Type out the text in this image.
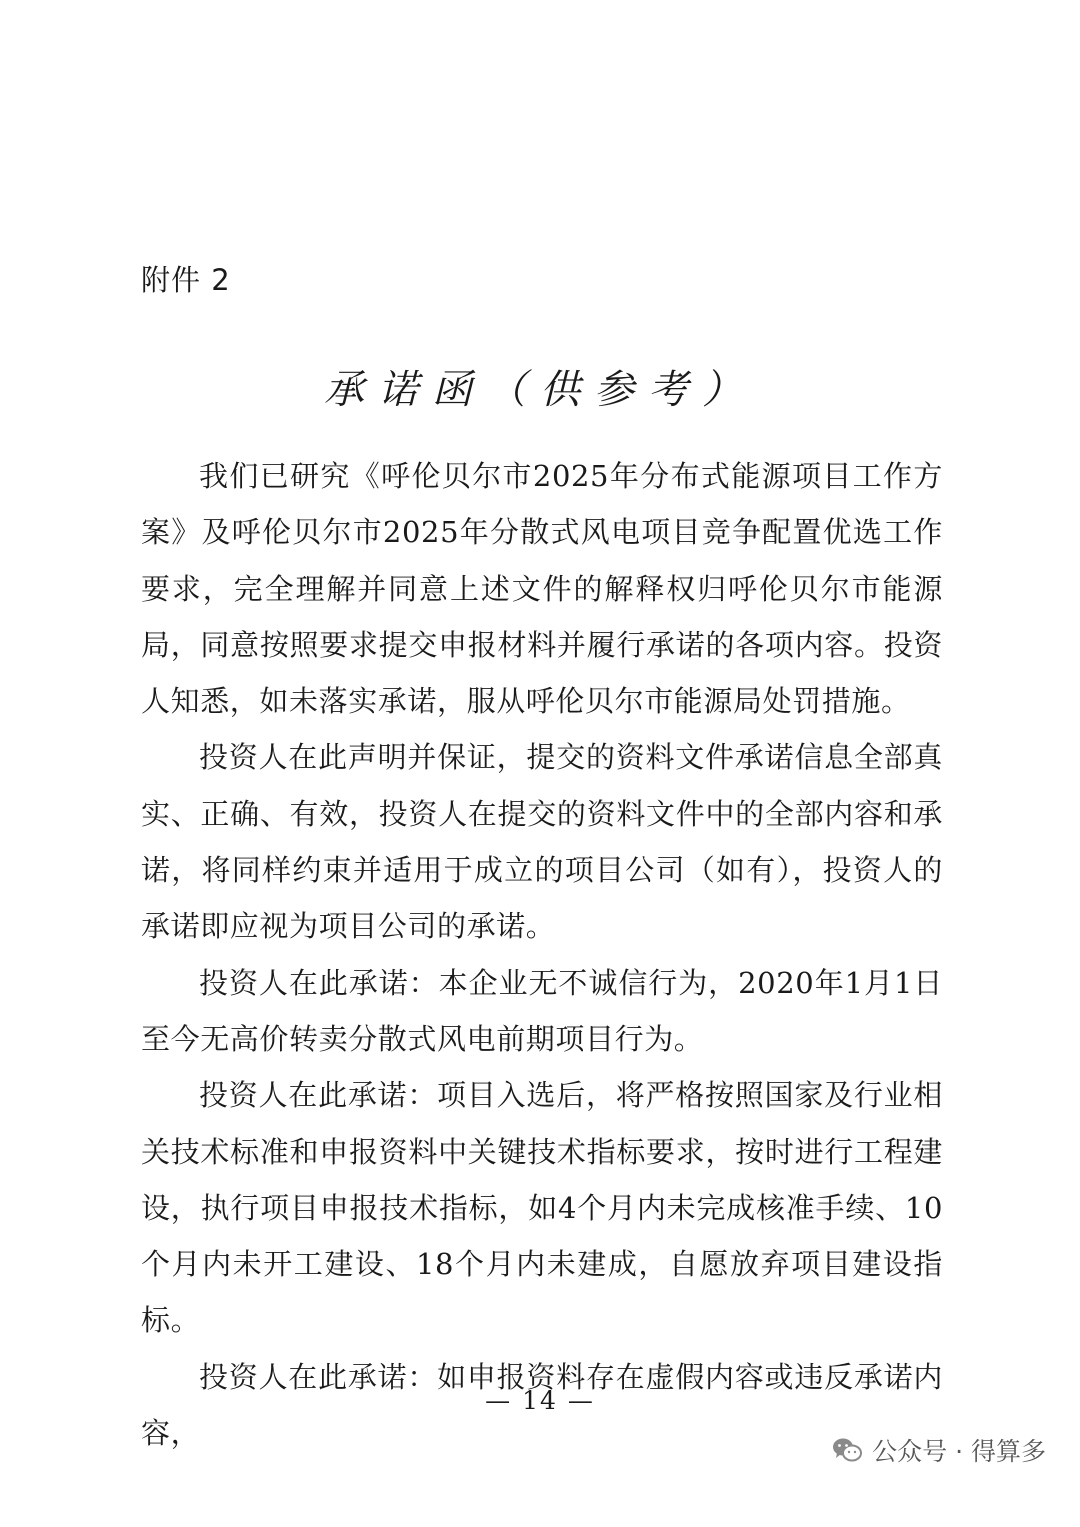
附件 2
承诺函（供参考）

我们已研究《呼伦贝尔市2025年分布式能源项目工作方案》及呼伦贝尔市2025年分散式风电项目竞争配置优选工作要求，完全理解并同意上述文件的解释权归呼伦贝尔市能源局，同意按照要求提交申报材料并履行承诺的各项内容。投资人知悉，如未落实承诺，服从呼伦贝尔市能源局处罚措施。

投资人在此声明并保证，提交的资料文件承诺信息全部真实、正确、有效，投资人在提交的资料文件中的全部内容和承诺，将同样约束并适用于成立的项目公司（如有），投资人的承诺即应视为项目公司的承诺。

投资人在此承诺：本企业无不诚信行为，2020年1月1日至今无高价转卖分散式风电前期项目行为。

投资人在此承诺：项目入选后，将严格按照国家及行业相关技术标准和申报资料中关键技术指标要求，按时进行工程建设，执行项目申报技术指标，如4个月内未完成核准手续、10个月内未开工建设、18个月内未建成，自愿放弃项目建设指标。

投资人在此承诺：如申报资料存在虚假内容或违反承诺内容，

— 14 —
公众号 · 得算多
